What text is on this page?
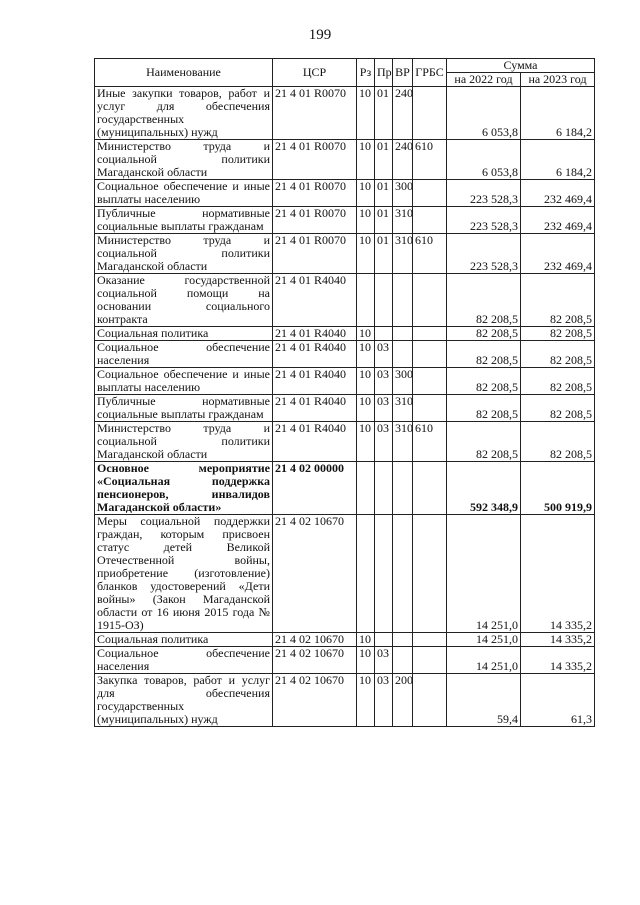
199
Наименование	ЦСР	Рз	Пр	ВР	ГРБС	Сумма	
						на 2022 год	на 2023 год
Иные закупки товаров, работ и услуг для обеспечения государственных (муниципальных) нужд	21 4 01 R0070	10	01	240		6 053,8	6 184,2
Министерство труда и социальной политики Магаданской области	21 4 01 R0070	10	01	240	610	6 053,8	6 184,2
Социальное обеспечение и иные выплаты населению	21 4 01 R0070	10	01	300		223 528,3	232 469,4
Публичные нормативные социальные выплаты гражданам	21 4 01 R0070	10	01	310		223 528,3	232 469,4
Министерство труда и социальной политики Магаданской области	21 4 01 R0070	10	01	310	610	223 528,3	232 469,4
Оказание государственной социальной помощи на основании социального контракта	21 4 01 R4040					82 208,5	82 208,5
Социальная политика	21 4 01 R4040	10				82 208,5	82 208,5
Социальное обеспечение населения	21 4 01 R4040	10	03			82 208,5	82 208,5
Социальное обеспечение и иные выплаты населению	21 4 01 R4040	10	03	300		82 208,5	82 208,5
Публичные нормативные социальные выплаты гражданам	21 4 01 R4040	10	03	310		82 208,5	82 208,5
Министерство труда и социальной политики Магаданской области	21 4 01 R4040	10	03	310	610	82 208,5	82 208,5
Основное мероприятие «Социальная поддержка пенсионеров, инвалидов Магаданской области»	21 4 02 00000					592 348,9	500 919,9
Меры социальной поддержки граждан, которым присвоен статус детей Великой Отечественной войны, приобретение (изготовление) бланков удостоверений «Дети войны» (Закон Магаданской области от 16 июня 2015 года № 1915-ОЗ)	21 4 02 10670					14 251,0	14 335,2
Социальная политика	21 4 02 10670	10				14 251,0	14 335,2
Социальное обеспечение населения	21 4 02 10670	10	03			14 251,0	14 335,2
Закупка товаров, работ и услуг для обеспечения государственных (муниципальных) нужд	21 4 02 10670	10	03	200		59,4	61,3
